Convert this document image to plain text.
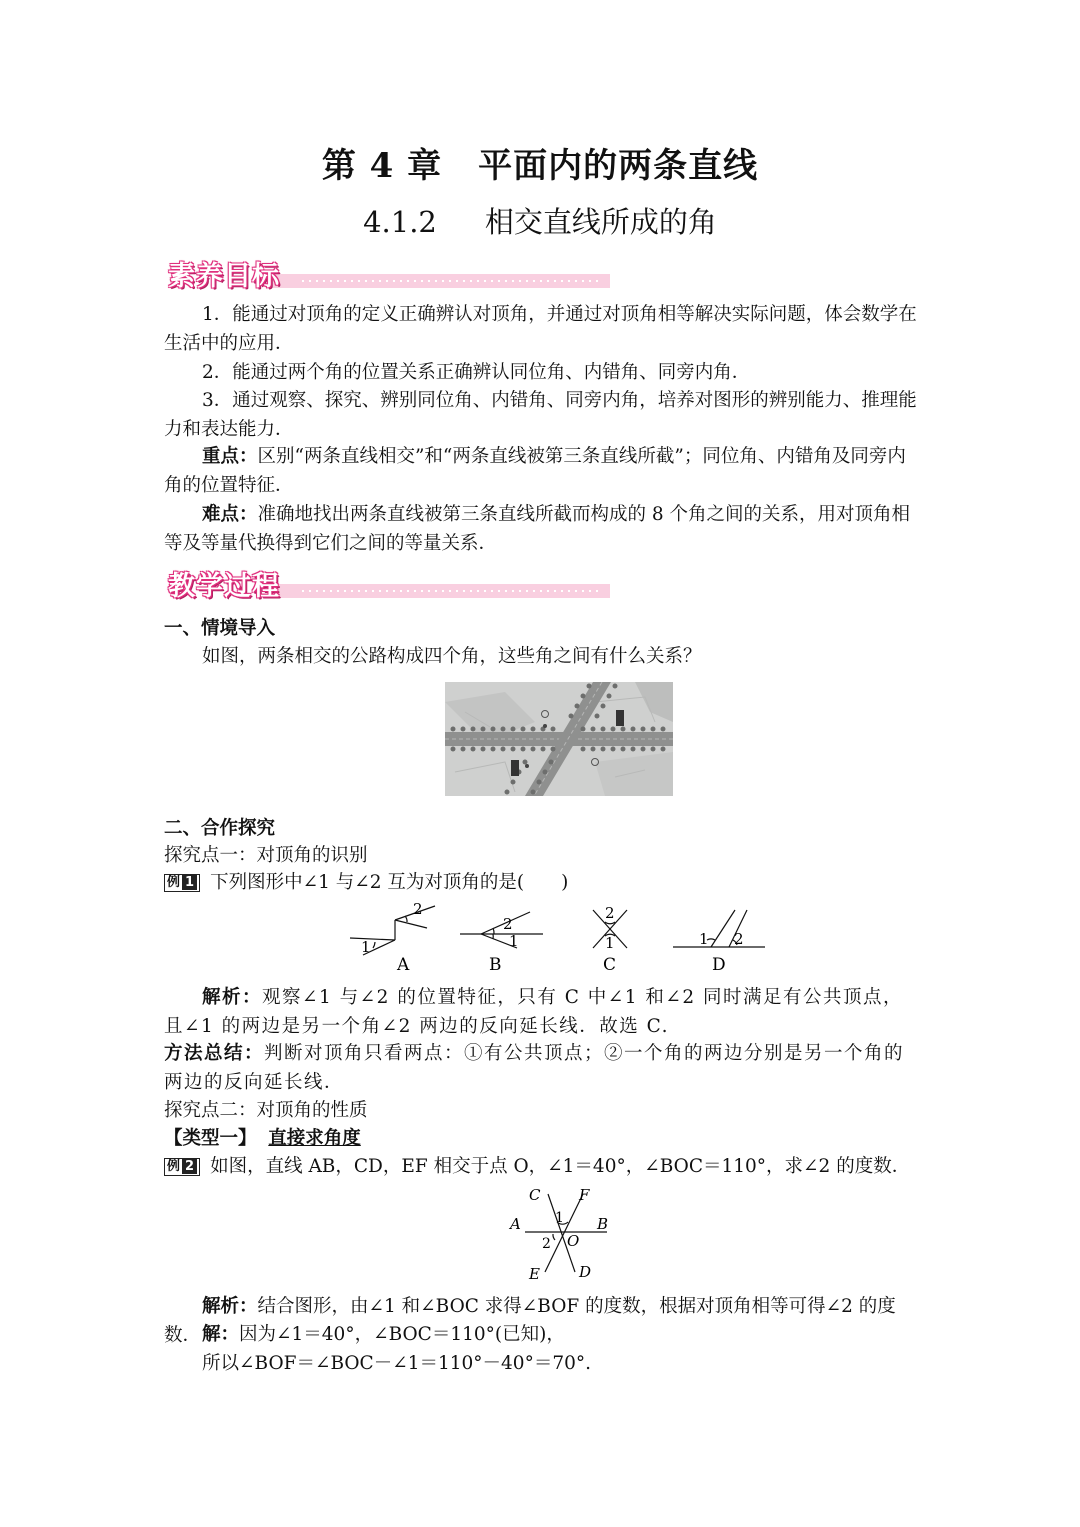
第 4 章 平面内的两条直线
4.1.2 相交直线所成的角
素养目标
1．能通过对顶角的定义正确辨认对顶角，并通过对顶角相等解决实际问题，体会数学在生活中的应用．
2．能通过两个角的位置关系正确辨认同位角、内错角、同旁内角．
3．通过观察、探究、辨别同位角、内错角、同旁内角，培养对图形的辨别能力、推理能力和表达能力．
重点：区别“两条直线相交”和“两条直线被第三条直线所截”；同位角、内错角及同旁内角的位置特征．
难点：准确地找出两条直线被第三条直线所截而构成的 8 个角之间的关系，用对顶角相等及等量代换得到它们之间的等量关系．
教学过程
一、情境导入
如图，两条相交的公路构成四个角，这些角之间有什么关系？
二、合作探究
探究点一：对顶角的识别
例 1 下列图形中∠1 与∠2 互为对顶角的是(　　)
1
2
A
2
1
B
2
1
C
1 2
D
解析：观察∠1 与∠2 的位置特征，只有 C 中∠1 和∠2 同时满足有公共顶点，且∠1 的两边是另一个角∠2 两边的反向延长线．故选 C.
方法总结：判断对顶角只看两点：①有公共顶点；②一个角的两边分别是另一个角的两边的反向延长线．
探究点二：对顶角的性质
【类型一】 直接求角度
例 2 如图，直线 AB，CD，EF 相交于点 O，∠1＝40°，∠BOC＝110°，求∠2 的度数．
C	F
A	B
1
2 O
E	D
解析：结合图形，由∠1 和∠BOC 求得∠BOF 的度数，根据对顶角相等可得∠2 的度数． 解：因为∠1＝40°，∠BOC＝110°(已知)，
所以∠BOF＝∠BOC－∠1＝110°－40°＝70°.
